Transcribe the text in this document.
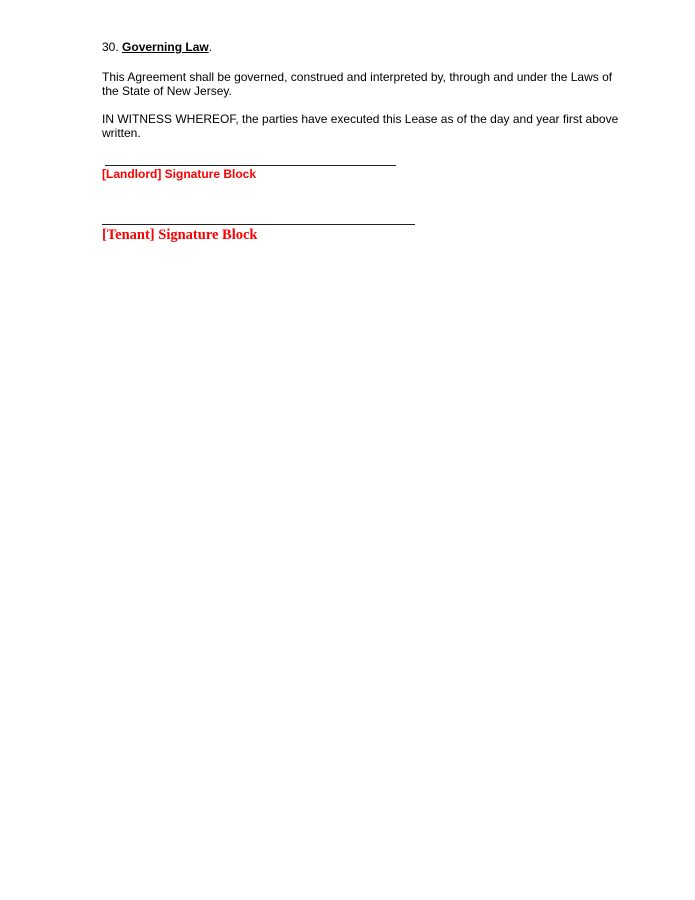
30. Governing Law.
This Agreement shall be governed, construed and interpreted by, through and under the Laws of
the State of New Jersey.
IN WITNESS WHEREOF, the parties have executed this Lease as of the day and year first above
written.
[Landlord] Signature Block
[Tenant] Signature Block
